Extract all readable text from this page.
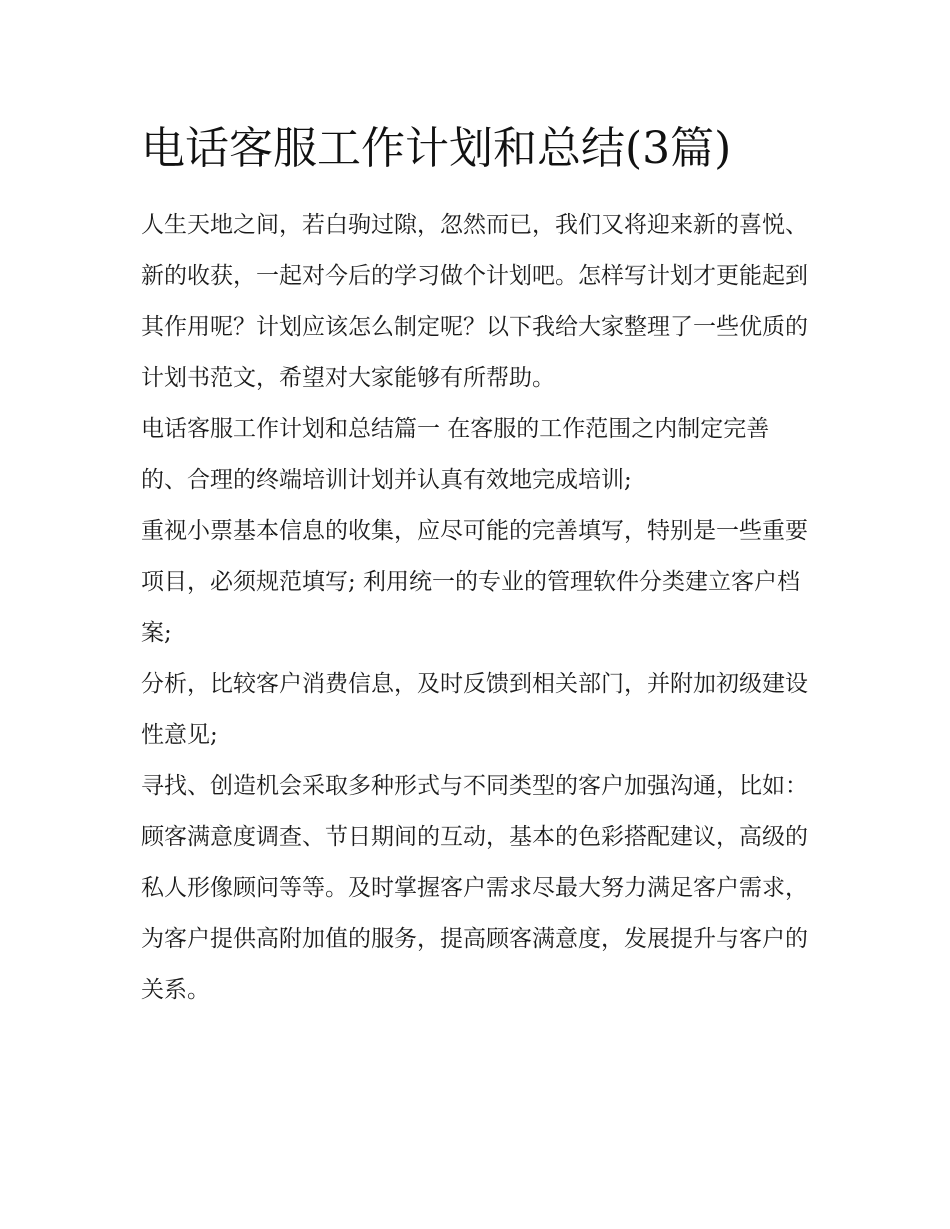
电话客服工作计划和总结(3篇)

人生天地之间，若白驹过隙，忽然而已，我们又将迎来新的喜悦、新的收获，一起对今后的学习做个计划吧。怎样写计划才更能起到其作用呢？计划应该怎么制定呢？以下我给大家整理了一些优质的计划书范文，希望对大家能够有所帮助。

电话客服工作计划和总结篇一 在客服的工作范围之内制定完善的、合理的终端培训计划并认真有效地完成培训;

重视小票基本信息的收集，应尽可能的完善填写，特别是一些重要项目，必须规范填写; 利用统一的专业的管理软件分类建立客户档案;

分析，比较客户消费信息，及时反馈到相关部门，并附加初级建设性意见;

寻找、创造机会采取多种形式与不同类型的客户加强沟通，比如：顾客满意度调查、节日期间的互动，基本的色彩搭配建议，高级的私人形像顾问等等。及时掌握客户需求尽最大努力满足客户需求，为客户提供高附加值的服务，提高顾客满意度，发展提升与客户的关系。
